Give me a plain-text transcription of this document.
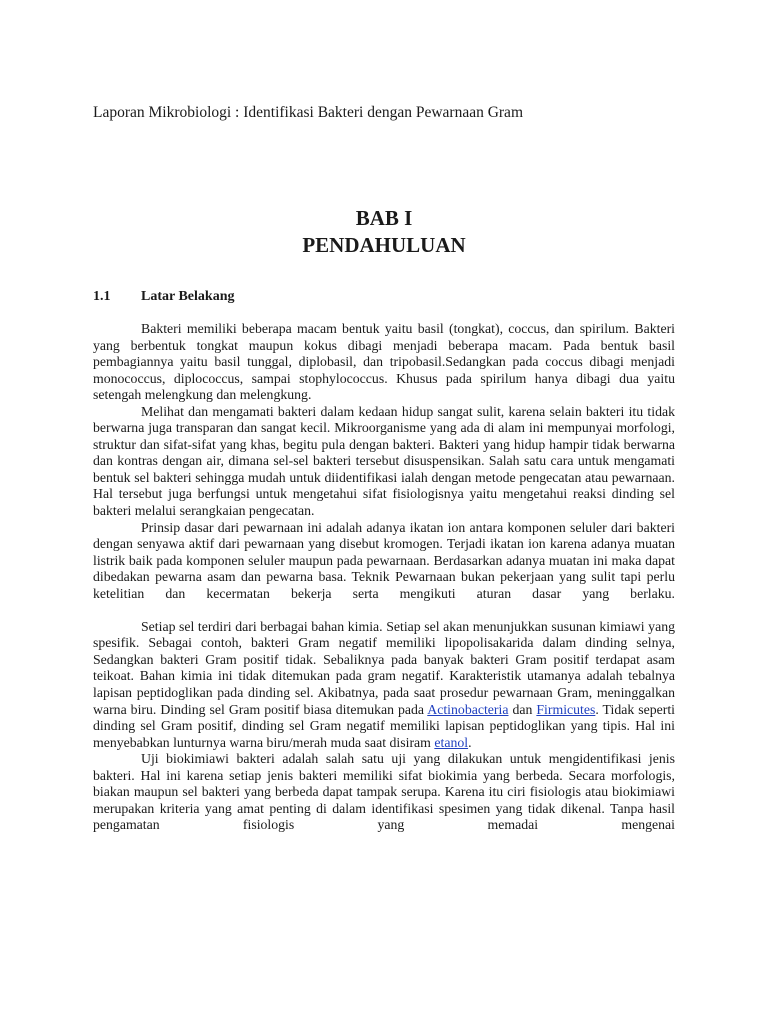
Laporan Mikrobiologi : Identifikasi Bakteri dengan Pewarnaan Gram
BAB I
PENDAHULUAN
1.1 Latar Belakang

Bakteri memiliki beberapa macam bentuk yaitu basil (tongkat), coccus, dan spirilum. Bakteri yang berbentuk tongkat maupun kokus dibagi menjadi beberapa macam. Pada bentuk basil pembagiannya yaitu basil tunggal, diplobasil, dan tripobasil.Sedangkan pada coccus dibagi menjadi monococcus, diplococcus, sampai stophylococcus. Khusus pada spirilum hanya dibagi dua yaitu setengah melengkung dan melengkung.

Melihat dan mengamati bakteri dalam kedaan hidup sangat sulit, karena selain bakteri itu tidak berwarna juga transparan dan sangat kecil. Mikroorganisme yang ada di alam ini mempunyai morfologi, struktur dan sifat-sifat yang khas, begitu pula dengan bakteri. Bakteri yang hidup hampir tidak berwarna dan kontras dengan air, dimana sel-sel bakteri tersebut disuspensikan. Salah satu cara untuk mengamati bentuk sel bakteri sehingga mudah untuk diidentifikasi ialah dengan metode pengecatan atau pewarnaan. Hal tersebut juga berfungsi untuk mengetahui sifat fisiologisnya yaitu mengetahui reaksi dinding sel bakteri melalui serangkaian pengecatan.

Prinsip dasar dari pewarnaan ini adalah adanya ikatan ion antara komponen seluler dari bakteri dengan senyawa aktif dari pewarnaan yang disebut kromogen. Terjadi ikatan ion karena adanya muatan listrik baik pada komponen seluler maupun pada pewarnaan. Berdasarkan adanya muatan ini maka dapat dibedakan pewarna asam dan pewarna basa. Teknik Pewarnaan bukan pekerjaan yang sulit tapi perlu ketelitian dan kecermatan bekerja serta mengikuti aturan dasar yang berlaku.

Setiap sel terdiri dari berbagai bahan kimia. Setiap sel akan menunjukkan susunan kimiawi yang spesifik. Sebagai contoh, bakteri Gram negatif memiliki lipopolisakarida dalam dinding selnya, Sedangkan bakteri Gram positif tidak. Sebaliknya pada banyak bakteri Gram positif terdapat asam teikoat. Bahan kimia ini tidak ditemukan pada gram negatif. Karakteristik utamanya adalah tebalnya lapisan peptidoglikan pada dinding sel. Akibatnya, pada saat prosedur pewarnaan Gram, meninggalkan warna biru. Dinding sel Gram positif biasa ditemukan pada Actinobacteria dan Firmicutes. Tidak seperti dinding sel Gram positif, dinding sel Gram negatif memiliki lapisan peptidoglikan yang tipis. Hal ini menyebabkan lunturnya warna biru/merah muda saat disiram etanol.

Uji biokimiawi bakteri adalah salah satu uji yang dilakukan untuk mengidentifikasi jenis bakteri. Hal ini karena setiap jenis bakteri memiliki sifat biokimia yang berbeda. Secara morfologis, biakan maupun sel bakteri yang berbeda dapat tampak serupa. Karena itu ciri fisiologis atau biokimiawi merupakan kriteria yang amat penting di dalam identifikasi spesimen yang tidak dikenal. Tanpa hasil pengamatan fisiologis yang memadai mengenai
